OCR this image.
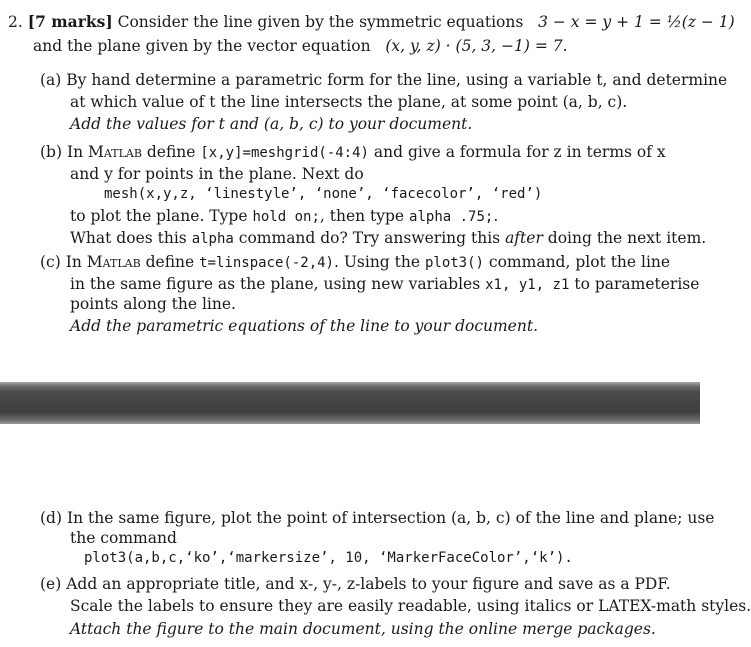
2. [7 marks] Consider the line given by the symmetric equations 3 − x = y + 1 = ½(z − 1)
and the plane given by the vector equation (x, y, z) · (5, 3, −1) = 7.
(a) By hand determine a parametric form for the line, using a variable t, and determine
at which value of t the line intersects the plane, at some point (a, b, c).
Add the values for t and (a, b, c) to your document.
(b) In Matlab define [x,y]=meshgrid(-4:4) and give a formula for z in terms of x
and y for points in the plane. Next do
mesh(x,y,z, ‘linestyle’, ‘none’, ‘facecolor’, ‘red’)
to plot the plane. Type hold on;, then type alpha .75;.
What does this alpha command do? Try answering this after doing the next item.
(c) In Matlab define t=linspace(-2,4). Using the plot3() command, plot the line
in the same figure as the plane, using new variables x1, y1, z1 to parameterise
points along the line.
Add the parametric equations of the line to your document.
(d) In the same figure, plot the point of intersection (a, b, c) of the line and plane; use
the command
plot3(a,b,c,‘ko’,‘markersize’, 10, ‘MarkerFaceColor’,‘k’).
(e) Add an appropriate title, and x-, y-, z-labels to your figure and save as a PDF.
Scale the labels to ensure they are easily readable, using italics or LATEX-math styles.
Attach the figure to the main document, using the online merge packages.
